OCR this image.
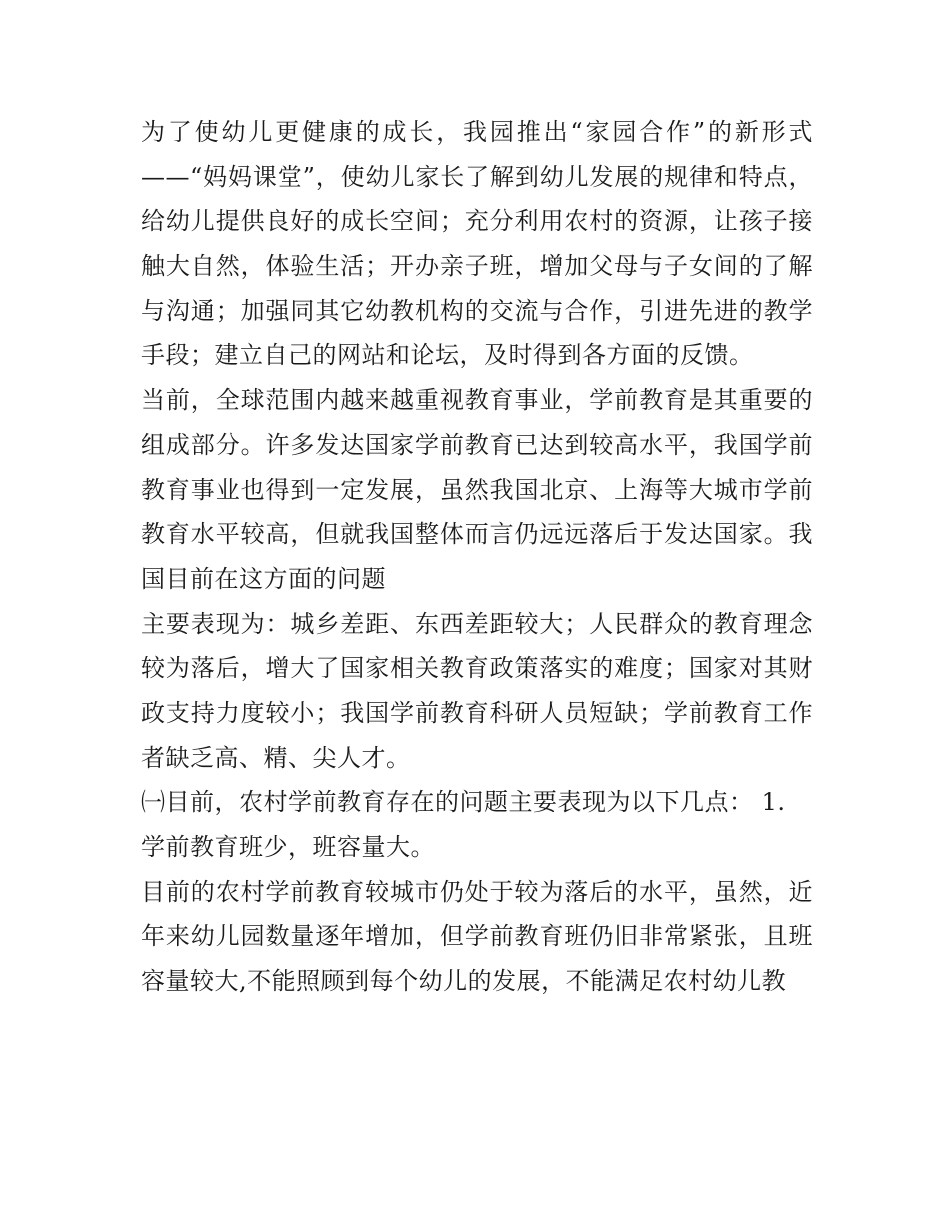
为了使幼儿更健康的成长，我园推出“家园合作”的新形式
——“妈妈课堂”，使幼儿家长了解到幼儿发展的规律和特点，
给幼儿提供良好的成长空间；充分利用农村的资源，让孩子接
触大自然，体验生活；开办亲子班，增加父母与子女间的了解
与沟通；加强同其它幼教机构的交流与合作，引进先进的教学
手段；建立自己的网站和论坛，及时得到各方面的反馈。
当前，全球范围内越来越重视教育事业，学前教育是其重要的
组成部分。许多发达国家学前教育已达到较高水平，我国学前
教育事业也得到一定发展，虽然我国北京、上海等大城市学前
教育水平较高，但就我国整体而言仍远远落后于发达国家。我
国目前在这方面的问题
主要表现为：城乡差距、东西差距较大；人民群众的教育理念
较为落后，增大了国家相关教育政策落实的难度；国家对其财
政支持力度较小；我国学前教育科研人员短缺；学前教育工作
者缺乏高、精、尖人才。
㈠目前，农村学前教育存在的问题主要表现为以下几点： 1.
学前教育班少，班容量大。
目前的农村学前教育较城市仍处于较为落后的水平，虽然，近
年来幼儿园数量逐年增加，但学前教育班仍旧非常紧张，且班
容量较大,不能照顾到每个幼儿的发展，不能满足农村幼儿教
